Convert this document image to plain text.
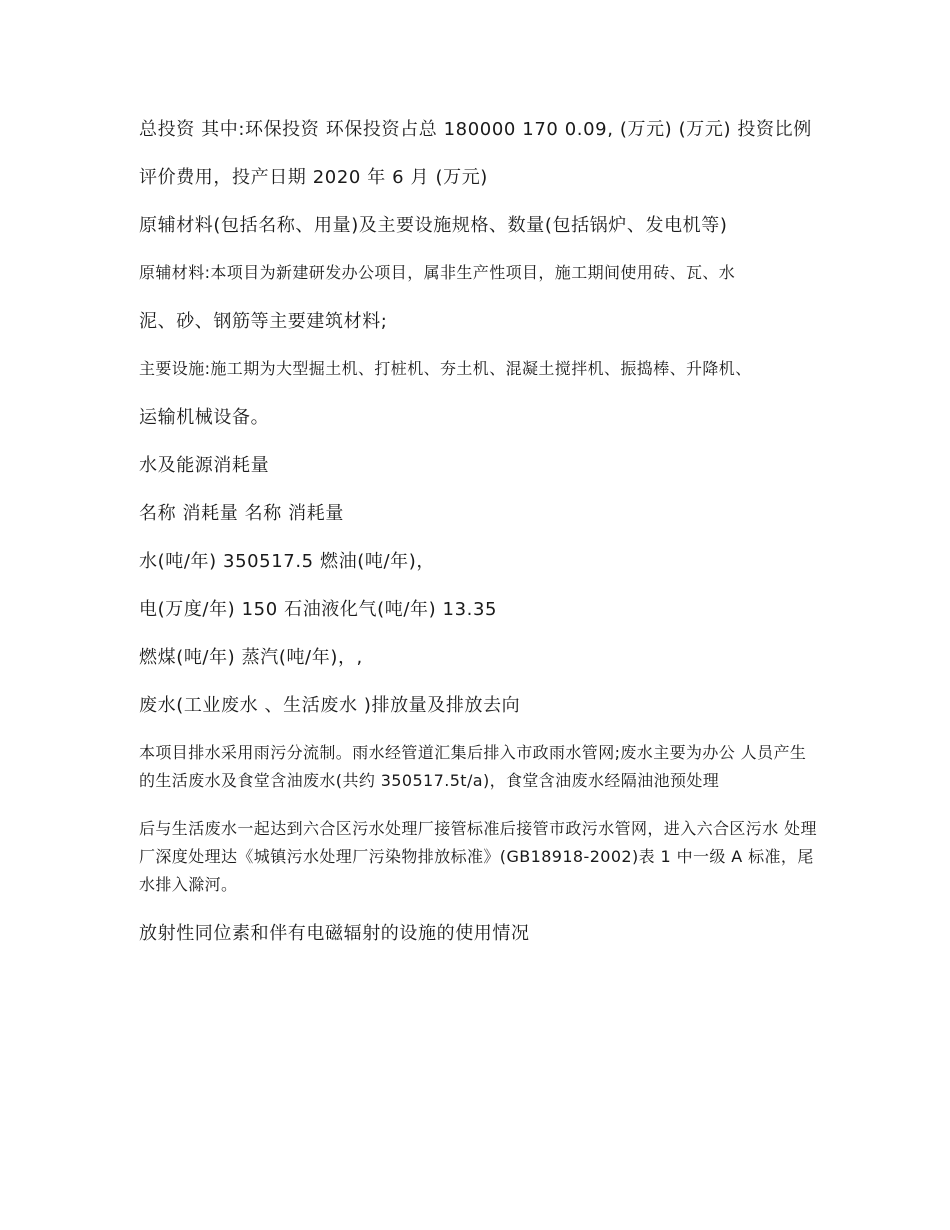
总投资 其中:环保投资 环保投资占总 180000 170 0.09, (万元) (万元) 投资比例

评价费用，投产日期 2020 年 6 月 (万元)

原辅材料(包括名称、用量)及主要设施规格、数量(包括锅炉、发电机等)

原辅材料:本项目为新建研发办公项目，属非生产性项目，施工期间使用砖、瓦、水

泥、砂、钢筋等主要建筑材料;

主要设施:施工期为大型掘土机、打桩机、夯土机、混凝土搅拌机、振捣棒、升降机、

运输机械设备。

水及能源消耗量

名称 消耗量 名称 消耗量

水(吨/年) 350517.5 燃油(吨/年)，

电(万度/年) 150 石油液化气(吨/年) 13.35

燃煤(吨/年) 蒸汽(吨/年)，,

废水(工业废水 、生活废水 )排放量及排放去向

本项目排水采用雨污分流制。雨水经管道汇集后排入市政雨水管网;废水主要为办公 人员产生的生活废水及食堂含油废水(共约 350517.5t/a)，食堂含油废水经隔油池预处理

后与生活废水一起达到六合区污水处理厂接管标准后接管市政污水管网，进入六合区污水 处理厂深度处理达《城镇污水处理厂污染物排放标准》(GB18918-2002)表 1 中一级 A 标准，尾水排入滁河。

放射性同位素和伴有电磁辐射的设施的使用情况
